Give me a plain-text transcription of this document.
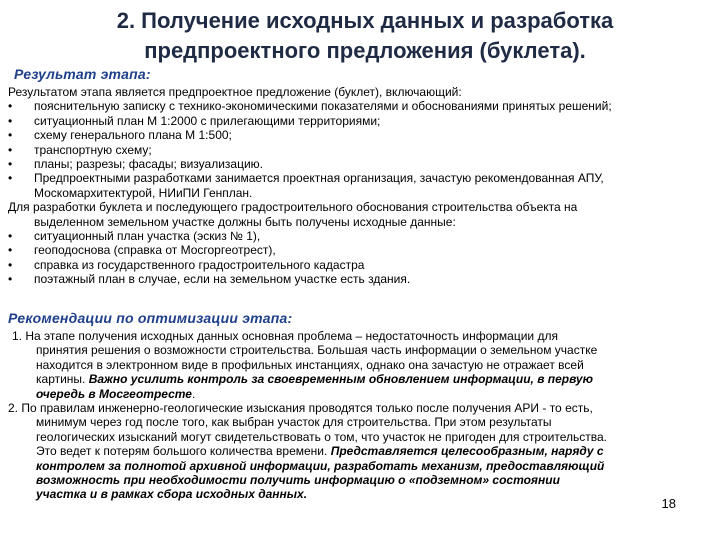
2. Получение исходных данных и разработка
предпроектного предложения (буклета).
Результат этапа:
Результатом этапа является предпроектное предложение (буклет), включающий:
•	пояснительную записку с технико-экономическими показателями и обоснованиями принятых решений;
•	ситуационный план М 1:2000 с прилегающими территориями;
•	схему генерального плана М 1:500;
•	транспортную схему;
•	планы; разрезы; фасады; визуализацию.
•	Предпроектными разработками занимается проектная организация, зачастую рекомендованная АПУ,
Москомархитектурой, НИиПИ Генплан.
Для разработки буклета и последующего градостроительного обоснования строительства объекта на
выделенном земельном участке должны быть получены исходные данные:
•	ситуационный план участка (эскиз № 1),
•	геоподоснова (справка от Мосгоргеотрест),
•	справка из государственного градостроительного кадастра
•	поэтажный план в случае, если на земельном участке есть здания.
Рекомендации по оптимизации этапа:
1. На этапе получения исходных данных основная проблема – недостаточность информации для
принятия решения о возможности строительства. Большая часть информации о земельном участке
находится в электронном виде в профильных инстанциях, однако она зачастую не отражает всей
картины. Важно усилить контроль за своевременным обновлением информации, в первую
очередь в Мосгеотресте.
2. По правилам инженерно-геологические изыскания проводятся только после получения АРИ - то есть,
минимум через год после того, как выбран участок для строительства. При этом результаты
геологических изысканий могут свидетельствовать о том, что участок не пригоден для строительства.
Это ведет к потерям большого количества времени. Представляется целесообразным, наряду с
контролем за полнотой архивной информации, разработать механизм, предоставляющий
возможность при необходимости получить информацию о «подземном» состоянии
участка и в рамках сбора исходных данных.
18
